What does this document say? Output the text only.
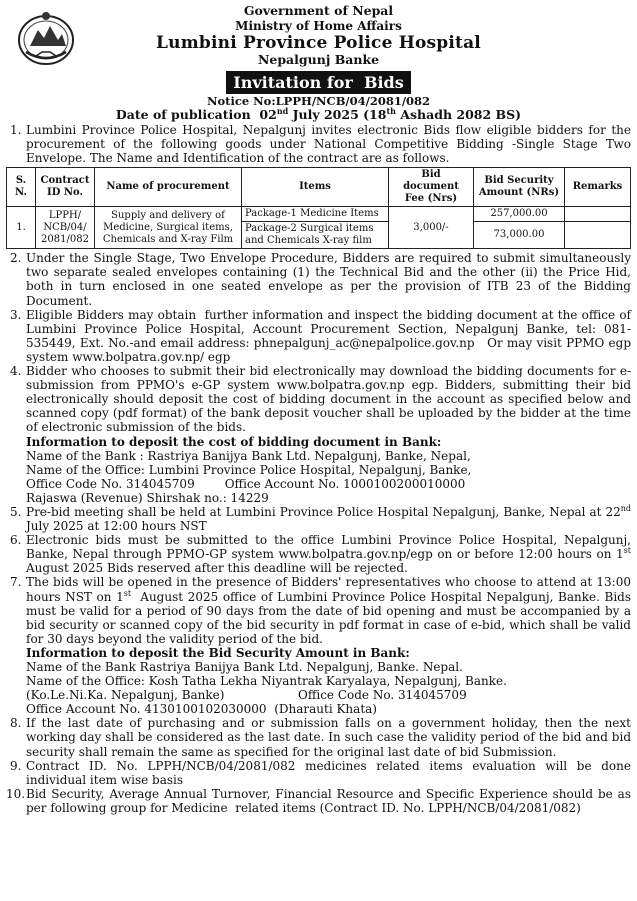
Government of Nepal
Ministry of Home Affairs
Lumbini Province Police Hospital
Nepalgunj Banke
Invitation for  Bids
Notice No:LPPH/NCB/04/2081/082
Date of publication  02nd July 2025 (18th Ashadh 2082 BS)
1. Lumbini Province Police Hospital, Nepalgunj invites electronic Bids flow eligible bidders for the procurement of the following goods under National Competitive Bidding -Single Stage Two Envelope. The Name and Identification of the contract are as follows.
S. N.	Contract ID No.	Name of procurement	Items	Bid document Fee (Nrs)	Bid Security Amount (NRs)	Remarks
1.	LPPH/ NCB/04/ 2081/082	Supply and delivery of Medicine, Surgical items, Chemicals and X-ray Film	Package-1 Medicine Items	3,000/-	257,000.00	
			Package-2 Surgical items and Chemicals X-ray film		73,000.00	
2. Under the Single Stage, Two Envelope Procedure, Bidders are required to submit simultaneously two separate sealed envelopes containing (1) the Technical Bid and the other (ii) the Price Hid, both in turn enclosed in one seated envelope as per the provision of ITB 23 of the Bidding Document.
3. Eligible Bidders may obtain  further information and inspect the bidding document at the office of Lumbini Province Police Hospital, Account Procurement Section, Nepalgunj Banke, tel: 081-535449, Ext. No.-and email address: phnepalgunj_ac@nepalpolice.gov.np   Or may visit PPMO egp system www.bolpatra.gov.np/ egp
4. Bidder who chooses to submit their bid electronically may download the bidding documents for e-submission from PPMO's e-GP system www.bolpatra.gov.np egp. Bidders, submitting their bid electronically should deposit the cost of bidding document in the account as specified below and scanned copy (pdf format) of the bank deposit voucher shall be uploaded by the bidder at the time of electronic submission of the bids.
Information to deposit the cost of bidding document in Bank:
Name of the Bank : Rastriya Banijya Bank Ltd. Nepalgunj, Banke, Nepal,
Name of the Office: Lumbini Province Police Hospital, Nepalgunj, Banke,
Office Code No. 314045709	Office Account No. 1000100200010000
Rajaswa (Revenue) Shirshak no.: 14229
5. Pre-bid meeting shall be held at Lumbini Province Police Hospital Nepalgunj, Banke, Nepal at 22nd July 2025 at 12:00 hours NST
6. Electronic bids must be submitted to the office Lumbini Province Police Hospital, Nepalgunj, Banke, Nepal through PPMO-GP system www.bolpatra.gov.np/egp on or before 12:00 hours on 1st August 2025 Bids reserved after this deadline will be rejected.
7. The bids will be opened in the presence of Bidders' representatives who choose to attend at 13:00 hours NST on 1st  August 2025 office of Lumbini Province Police Hospital Nepalgunj, Banke. Bids must be valid for a period of 90 days from the date of bid opening and must be accompanied by a bid security or scanned copy of the bid security in pdf format in case of e-bid, which shall be valid for 30 days beyond the validity period of the bid.
Information to deposit the Bid Security Amount in Bank:
Name of the Bank Rastriya Banijya Bank Ltd. Nepalgunj, Banke. Nepal.
Name of the Office: Kosh Tatha Lekha Niyantrak Karyalaya, Nepalgunj, Banke.
(Ko.Le.Ni.Ka. Nepalgunj, Banke)	Office Code No. 314045709
Office Account No. 4130100102030000  (Dharauti Khata)
8. If the last date of purchasing and or submission falls on a government holiday, then the next working day shall be considered as the last date. In such case the validity period of the bid and bid security shall remain the same as specified for the original last date of bid Submission.
9. Contract ID. No. LPPH/NCB/04/2081/082 medicines related items evaluation will be done individual item wise basis
10. Bid Security, Average Annual Turnover, Financial Resource and Specific Experience should be as per following group for Medicine  related items (Contract ID. No. LPPH/NCB/04/2081/082)
